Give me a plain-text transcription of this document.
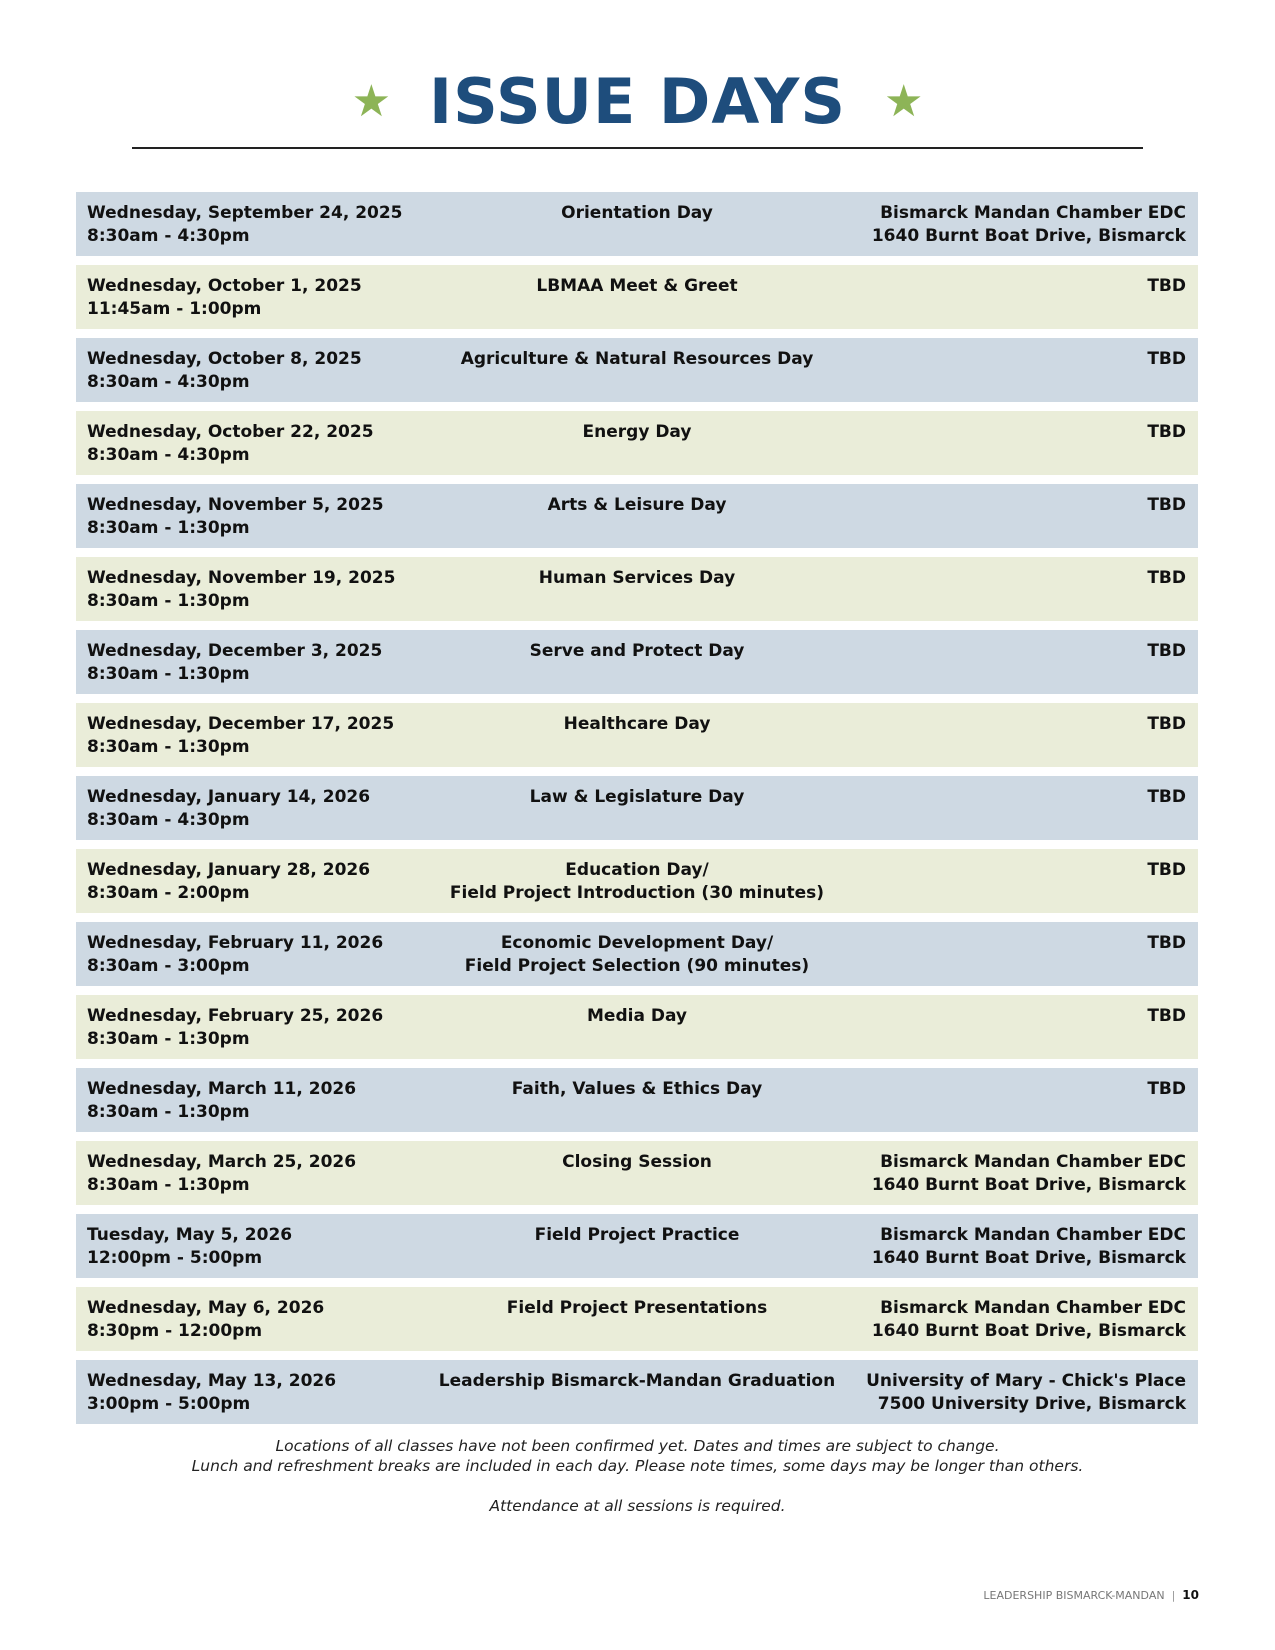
★ ISSUE DAYS ★
Wednesday, September 24, 2025
8:30am - 4:30pm
Orientation Day	Bismarck Mandan Chamber EDC
1640 Burnt Boat Drive, Bismarck
Wednesday, October 1, 2025
11:45am - 1:00pm
LBMAA Meet & Greet	TBD
Wednesday, October 8, 2025
8:30am - 4:30pm
Agriculture & Natural Resources Day	TBD
Wednesday, October 22, 2025
8:30am - 4:30pm
Energy Day	TBD
Wednesday, November 5, 2025
8:30am - 1:30pm
Arts & Leisure Day	TBD
Wednesday, November 19, 2025
8:30am - 1:30pm
Human Services Day	TBD
Wednesday, December 3, 2025
8:30am - 1:30pm
Serve and Protect Day	TBD
Wednesday, December 17, 2025
8:30am - 1:30pm
Healthcare Day	TBD
Wednesday, January 14, 2026
8:30am - 4:30pm
Law & Legislature Day	TBD
Wednesday, January 28, 2026
8:30am - 2:00pm
Education Day/
Field Project Introduction (30 minutes)
TBD
Wednesday, February 11, 2026
8:30am - 3:00pm
Economic Development Day/
Field Project Selection (90 minutes)
TBD
Wednesday, February 25, 2026
8:30am - 1:30pm
Media Day	TBD
Wednesday, March 11, 2026
8:30am - 1:30pm
Faith, Values & Ethics Day	TBD
Wednesday, March 25, 2026
8:30am - 1:30pm
Closing Session	Bismarck Mandan Chamber EDC
1640 Burnt Boat Drive, Bismarck
Tuesday, May 5, 2026
12:00pm - 5:00pm
Field Project Practice	Bismarck Mandan Chamber EDC
1640 Burnt Boat Drive, Bismarck
Wednesday, May 6, 2026
8:30pm - 12:00pm
Field Project Presentations	Bismarck Mandan Chamber EDC
1640 Burnt Boat Drive, Bismarck
Wednesday, May 13, 2026
3:00pm - 5:00pm
Leadership Bismarck-Mandan Graduation	University of Mary - Chick's Place
7500 University Drive, Bismarck

Locations of all classes have not been confirmed yet. Dates and times are subject to change.

Lunch and refreshment breaks are included in each day. Please note times, some days may be longer than others.

Attendance at all sessions is required.

LEADERSHIP BISMARCK-MANDAN | 10
